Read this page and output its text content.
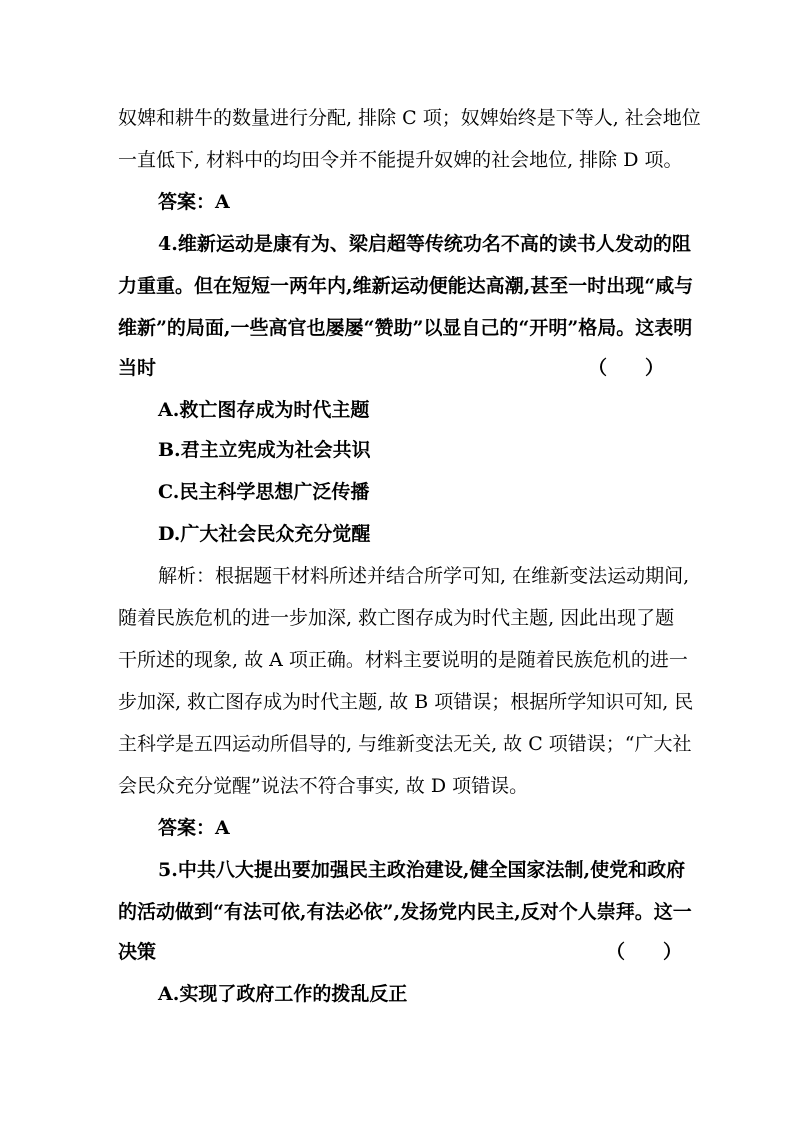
奴婢和耕牛的数量进行分配, 排除 C 项；奴婢始终是下等人, 社会地位
一直低下, 材料中的均田令并不能提升奴婢的社会地位, 排除 D 项。
答案：A
4.维新运动是康有为、梁启超等传统功名不高的读书人发动的阻
力重重。但在短短一两年内,维新运动便能达高潮,甚至一时出现“咸与
维新”的局面,一些高官也屡屡“赞助”以显自己的“开明”格局。这表明
当时	（　　）
A.救亡图存成为时代主题
B.君主立宪成为社会共识
C.民主科学思想广泛传播
D.广大社会民众充分觉醒
解析：根据题干材料所述并结合所学可知, 在维新变法运动期间,
随着民族危机的进一步加深, 救亡图存成为时代主题, 因此出现了题
干所述的现象, 故 A 项正确。材料主要说明的是随着民族危机的进一
步加深, 救亡图存成为时代主题, 故 B 项错误；根据所学知识可知, 民
主科学是五四运动所倡导的, 与维新变法无关, 故 C 项错误；“广大社
会民众充分觉醒”说法不符合事实, 故 D 项错误。
答案：A
5.中共八大提出要加强民主政治建设,健全国家法制,使党和政府
的活动做到“有法可依,有法必依”,发扬党内民主,反对个人崇拜。这一
决策	（　　）
A.实现了政府工作的拨乱反正
